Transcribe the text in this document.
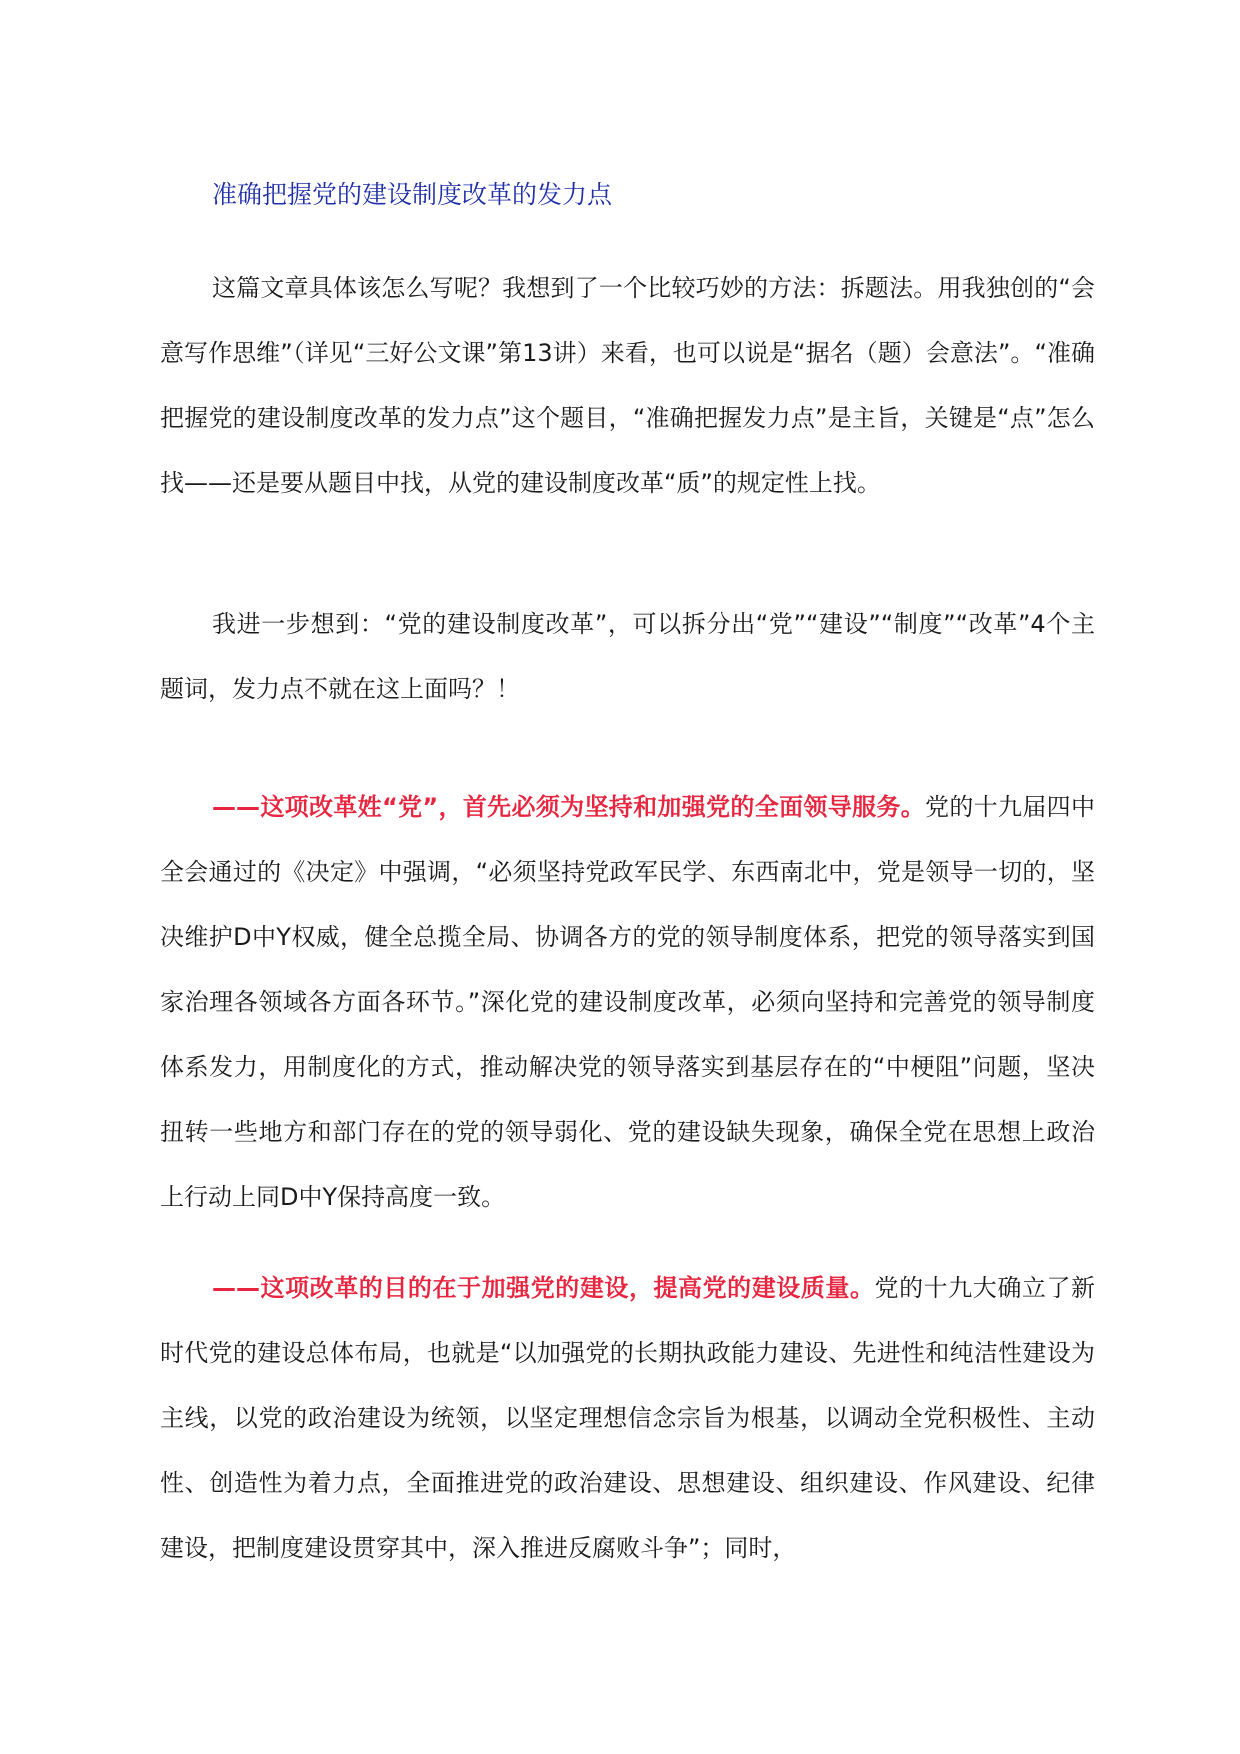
准确把握党的建设制度改革的发力点

这篇文章具体该怎么写呢？我想到了一个比较巧妙的方法：拆题法。用我独创的“会意写作思维”（详见“三好公文课”第13讲）来看，也可以说是“据名（题）会意法”。“准确把握党的建设制度改革的发力点”这个题目，“准确把握发力点”是主旨，关键是“点”怎么找——还是要从题目中找，从党的建设制度改革“质”的规定性上找。

我进一步想到：“党的建设制度改革”，可以拆分出“党”“建设”“制度”“改革”4个主题词，发力点不就在这上面吗？！

——这项改革姓“党”，首先必须为坚持和加强党的全面领导服务。党的十九届四中全会通过的《决定》中强调，“必须坚持党政军民学、东西南北中，党是领导一切的，坚决维护D中Y权威，健全总揽全局、协调各方的党的领导制度体系，把党的领导落实到国家治理各领域各方面各环节。”深化党的建设制度改革，必须向坚持和完善党的领导制度体系发力，用制度化的方式，推动解决党的领导落实到基层存在的“中梗阻”问题，坚决扭转一些地方和部门存在的党的领导弱化、党的建设缺失现象，确保全党在思想上政治上行动上同D中Y保持高度一致。

——这项改革的目的在于加强党的建设，提高党的建设质量。党的十九大确立了新时代党的建设总体布局，也就是“以加强党的长期执政能力建设、先进性和纯洁性建设为主线，以党的政治建设为统领，以坚定理想信念宗旨为根基，以调动全党积极性、主动性、创造性为着力点，全面推进党的政治建设、思想建设、组织建设、作风建设、纪律建设，把制度建设贯穿其中，深入推进反腐败斗争”；同时，
